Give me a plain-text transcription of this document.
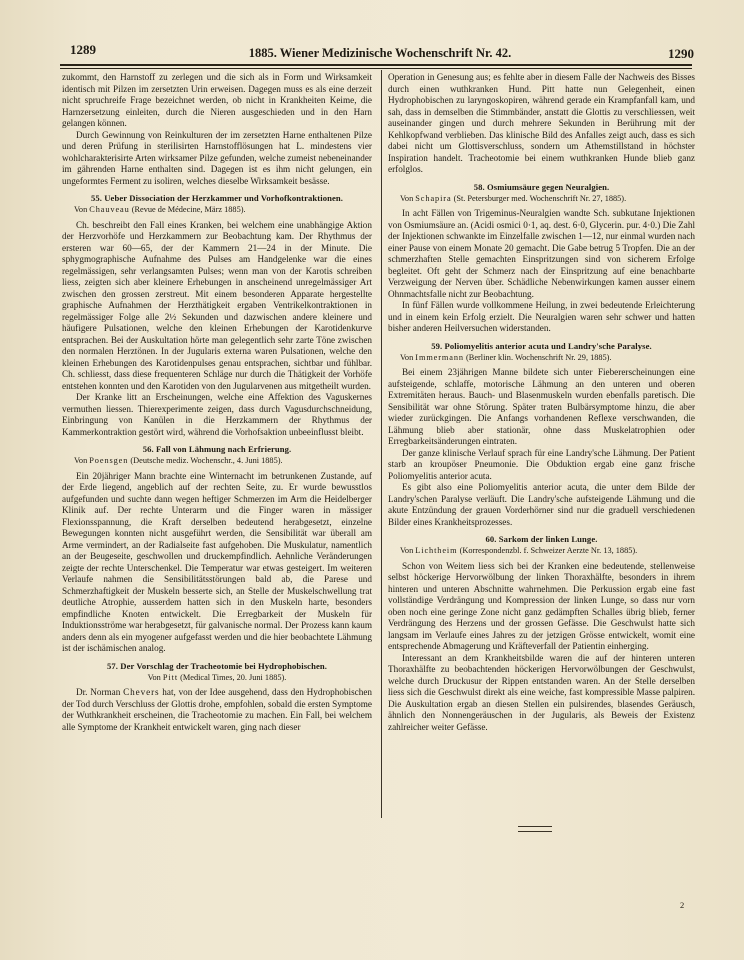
1289	1885. Wiener Medizinische Wochenschrift Nr. 42.	1290

zukommt, den Harnstoff zu zerlegen und die sich als in Form und Wirksamkeit identisch mit Pilzen im zersetzten Urin erweisen. Dagegen muss es als eine derzeit nicht spruchreife Frage bezeichnet werden, ob nicht in Krankheiten Keime, die Harnzersetzung einleiten, durch die Nieren ausgeschieden und in den Harn gelangen können.

Durch Gewinnung von Reinkulturen der im zersetzten Harne enthaltenen Pilze und deren Prüfung in sterilisirten Harnstofflösungen hat L. mindestens vier wohlcharakterisirte Arten wirksamer Pilze gefunden, welche zumeist nebeneinander im gährenden Harne enthalten sind. Dagegen ist es ihm nicht gelungen, ein ungeformtes Ferment zu isoliren, welches dieselbe Wirksamkeit besässe.

55. Ueber Dissociation der Herzkammer und Vorhofkontraktionen.

Von Chauveau (Revue de Médecine, März 1885).

Ch. beschreibt den Fall eines Kranken, bei welchem eine unabhängige Aktion der Herzvorhöfe und Herzkammern zur Beobachtung kam. Der Rhythmus der ersteren war 60—65, der der Kammern 21—24 in der Minute. Die sphygmographische Aufnahme des Pulses am Handgelenke war die eines regelmässigen, sehr verlangsamten Pulses; wenn man von der Karotis schreiben liess, zeigten sich aber kleinere Erhebungen in anscheinend unregelmässiger Art zwischen den grossen zerstreut. Mit einem besonderen Apparate hergestellte graphische Aufnahmen der Herzthätigkeit ergaben Ventrikelkontraktionen in regelmässiger Folge alle 2½ Sekunden und dazwischen andere kleinere und häufigere Pulsationen, welche den kleinen Erhebungen der Karotidenkurve entsprachen. Bei der Auskultation hörte man gelegentlich sehr zarte Töne zwischen den normalen Herztönen. In der Jugularis externa waren Pulsationen, welche den kleinen Erhebungen des Karotidenpulses genau entsprachen, sichtbar und fühlbar. Ch. schliesst, dass diese frequenteren Schläge nur durch die Thätigkeit der Vorhöfe entstehen konnten und den Karotiden von den Jugularvenen aus mitgetheilt wurden.

Der Kranke litt an Erscheinungen, welche eine Affektion des Vaguskernes vermuthen liessen. Thierexperimente zeigen, dass durch Vagusdurchschneidung, Einbringung von Kanülen in die Herzkammern der Rhythmus der Kammerkontraktion gestört wird, während die Vorhofsaktion unbeeinflusst bleibt.

56. Fall von Lähmung nach Erfrierung.

Von Poensgen (Deutsche mediz. Wochenschr., 4. Juni 1885).

Ein 20jähriger Mann brachte eine Winternacht im betrunkenen Zustande, auf der Erde liegend, angeblich auf der rechten Seite, zu. Er wurde bewusstlos aufgefunden und suchte dann wegen heftiger Schmerzen im Arm die Heidelberger Klinik auf. Der rechte Unterarm und die Finger waren in mässiger Flexionsspannung, die Kraft derselben bedeutend herabgesetzt, einzelne Bewegungen konnten nicht ausgeführt werden, die Sensibilität war überall am Arme vermindert, an der Radialseite fast aufgehoben. Die Muskulatur, namentlich an der Beugeseite, geschwollen und druckempfindlich. Aehnliche Veränderungen zeigte der rechte Unterschenkel. Die Temperatur war etwas gesteigert. Im weiteren Verlaufe nahmen die Sensibilitätsstörungen bald ab, die Parese und Schmerzhaftigkeit der Muskeln besserte sich, an Stelle der Muskelschwellung trat deutliche Atrophie, ausserdem hatten sich in den Muskeln harte, besonders empfindliche Knoten entwickelt. Die Erregbarkeit der Muskeln für Induktionsströme war herabgesetzt, für galvanische normal. Der Prozess kann kaum anders denn als ein myogener aufgefasst werden und die hier beobachtete Lähmung ist der ischämischen analog.

57. Der Vorschlag der Tracheotomie bei Hydrophobischen.

Von Pitt (Medical Times, 20. Juni 1885).

Dr. Norman Chevers hat, von der Idee ausgehend, dass den Hydrophobischen der Tod durch Verschluss der Glottis drohe, empfohlen, sobald die ersten Symptome der Wuthkrankheit erscheinen, die Tracheotomie zu machen. Ein Fall, bei welchem alle Symptome der Krankheit entwickelt waren, ging nach dieser

Operation in Genesung aus; es fehlte aber in diesem Falle der Nachweis des Bisses durch einen wuthkranken Hund. Pitt hatte nun Gelegenheit, einen Hydrophobischen zu laryngoskopiren, während gerade ein Krampfanfall kam, und sah, dass in demselben die Stimmbänder, anstatt die Glottis zu verschliessen, weit auseinander gingen und durch mehrere Sekunden in Berührung mit der Kehlkopfwand verblieben. Das klinische Bild des Anfalles zeigt auch, dass es sich dabei nicht um Glottisverschluss, sondern um Athemstillstand in höchster Inspiration handelt. Tracheotomie bei einem wuthkranken Hunde blieb ganz erfolglos.

58. Osmiumsäure gegen Neuralgien.

Von Schapira (St. Petersburger med. Wochenschrift Nr. 27, 1885).

In acht Fällen von Trigeminus-Neuralgien wandte Sch. subkutane Injektionen von Osmiumsäure an. (Acidi osmici 0·1, aq. dest. 6·0, Glycerin. pur. 4·0.) Die Zahl der Injektionen schwankte im Einzelfalle zwischen 1—12, nur einmal wurden nach einer Pause von einem Monate 20 gemacht. Die Gabe betrug 5 Tropfen. Die an der schmerzhaften Stelle gemachten Einspritzungen sind von sicherem Erfolge begleitet. Oft geht der Schmerz nach der Einspritzung auf eine benachbarte Verzweigung der Nerven über. Schädliche Nebenwirkungen kamen ausser einem Ohnmachtsfalle nicht zur Beobachtung.

In fünf Fällen wurde vollkommene Heilung, in zwei bedeutende Erleichterung und in einem kein Erfolg erzielt. Die Neuralgien waren sehr schwer und hatten bisher anderen Heilversuchen widerstanden.

59. Poliomyelitis anterior acuta und Landry'sche Paralyse.

Von Immermann (Berliner klin. Wochenschrift Nr. 29, 1885).

Bei einem 23jährigen Manne bildete sich unter Fiebererscheinungen eine aufsteigende, schlaffe, motorische Lähmung an den unteren und oberen Extremitäten heraus. Bauch- und Blasenmuskeln wurden ebenfalls paretisch. Die Sensibilität war ohne Störung. Später traten Bulbärsymptome hinzu, die aber wieder zurückgingen. Die Anfangs vorhandenen Reflexe verschwanden, die Lähmung blieb aber stationär, ohne dass Muskelatrophien oder Erregbarkeitsänderungen eintraten.

Der ganze klinische Verlauf sprach für eine Landry'sche Lähmung. Der Patient starb an kroupöser Pneumonie. Die Obduktion ergab eine ganz frische Poliomyelitis anterior acuta.

Es gibt also eine Poliomyelitis anterior acuta, die unter dem Bilde der Landry'schen Paralyse verläuft. Die Landry'sche aufsteigende Lähmung und die akute Entzündung der grauen Vorderhörner sind nur die graduell verschiedenen Bilder eines Krankheitsprozesses.

60. Sarkom der linken Lunge.

Von Lichtheim (Korrespondenzbl. f. Schweizer Aerzte Nr. 13, 1885).

Schon von Weitem liess sich bei der Kranken eine bedeutende, stellenweise selbst höckerige Hervorwölbung der linken Thoraxhälfte, besonders in ihrem hinteren und unteren Abschnitte wahrnehmen. Die Perkussion ergab eine fast vollständige Verdrängung und Kompression der linken Lunge, so dass nur vorn oben noch eine geringe Zone nicht ganz gedämpften Schalles übrig blieb, ferner Verdrängung des Herzens und der grossen Gefässe. Die Geschwulst hatte sich langsam im Verlaufe eines Jahres zu der jetzigen Grösse entwickelt, womit eine entsprechende Abmagerung und Kräfteverfall der Patientin einherging.

Interessant an dem Krankheitsbilde waren die auf der hinteren unteren Thoraxhälfte zu beobachtenden höckerigen Hervorwölbungen der Geschwulst, welche durch Druckusur der Rippen entstanden waren. An der Stelle derselben liess sich die Geschwulst direkt als eine weiche, fast kompressible Masse palpiren. Die Auskultation ergab an diesen Stellen ein pulsirendes, blasendes Geräusch, ähnlich den Nonnengeräuschen in der Jugularis, als Beweis der Existenz zahlreicher weiter Gefässe.

2
